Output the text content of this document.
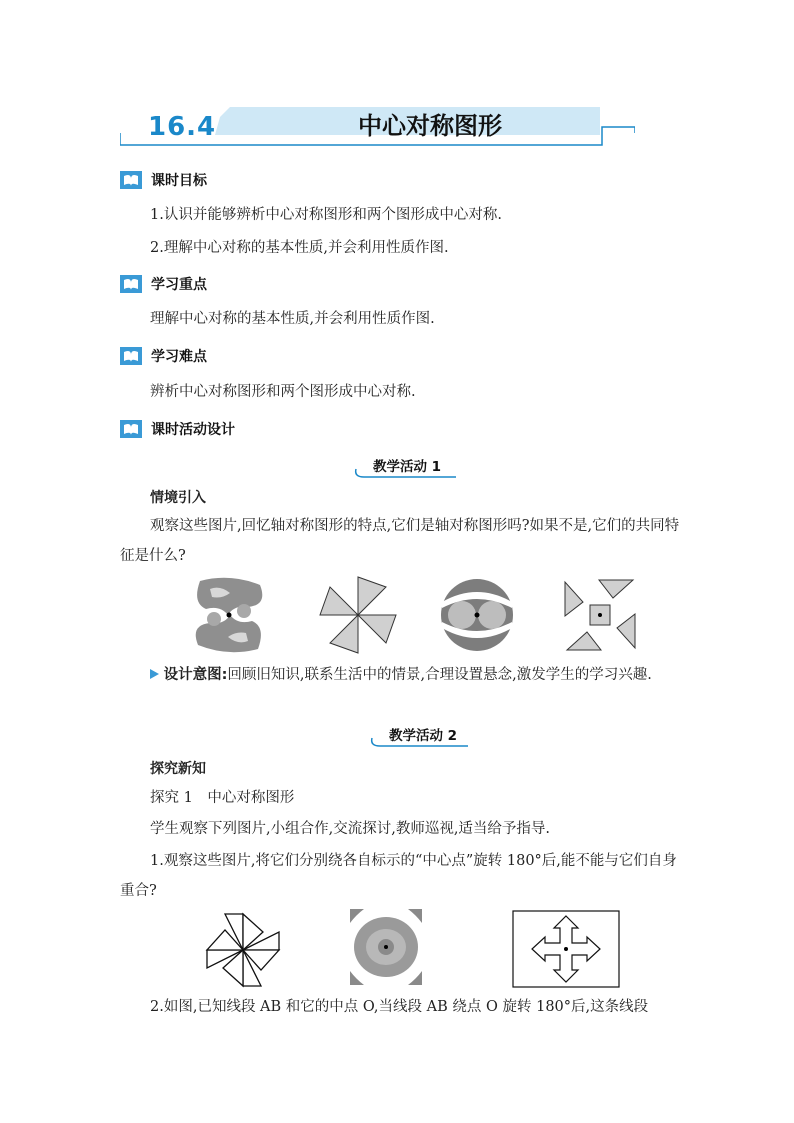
16.4	中心对称图形
课时目标
1.认识并能够辨析中心对称图形和两个图形成中心对称.
2.理解中心对称的基本性质,并会利用性质作图.
学习重点
理解中心对称的基本性质,并会利用性质作图.
学习难点
辨析中心对称图形和两个图形成中心对称.
课时活动设计
教学活动 1
情境引入
观察这些图片,回忆轴对称图形的特点,它们是轴对称图形吗?如果不是,它们的共同特征是什么?
设计意图:回顾旧知识,联系生活中的情景,合理设置悬念,激发学生的学习兴趣.
教学活动 2
探究新知
探究 1　中心对称图形
学生观察下列图片,小组合作,交流探讨,教师巡视,适当给予指导.
1.观察这些图片,将它们分别绕各自标示的“中心点”旋转 180°后,能不能与它们自身重合?
2.如图,已知线段 AB 和它的中点 O,当线段 AB 绕点 O 旋转 180°后,这条线段
